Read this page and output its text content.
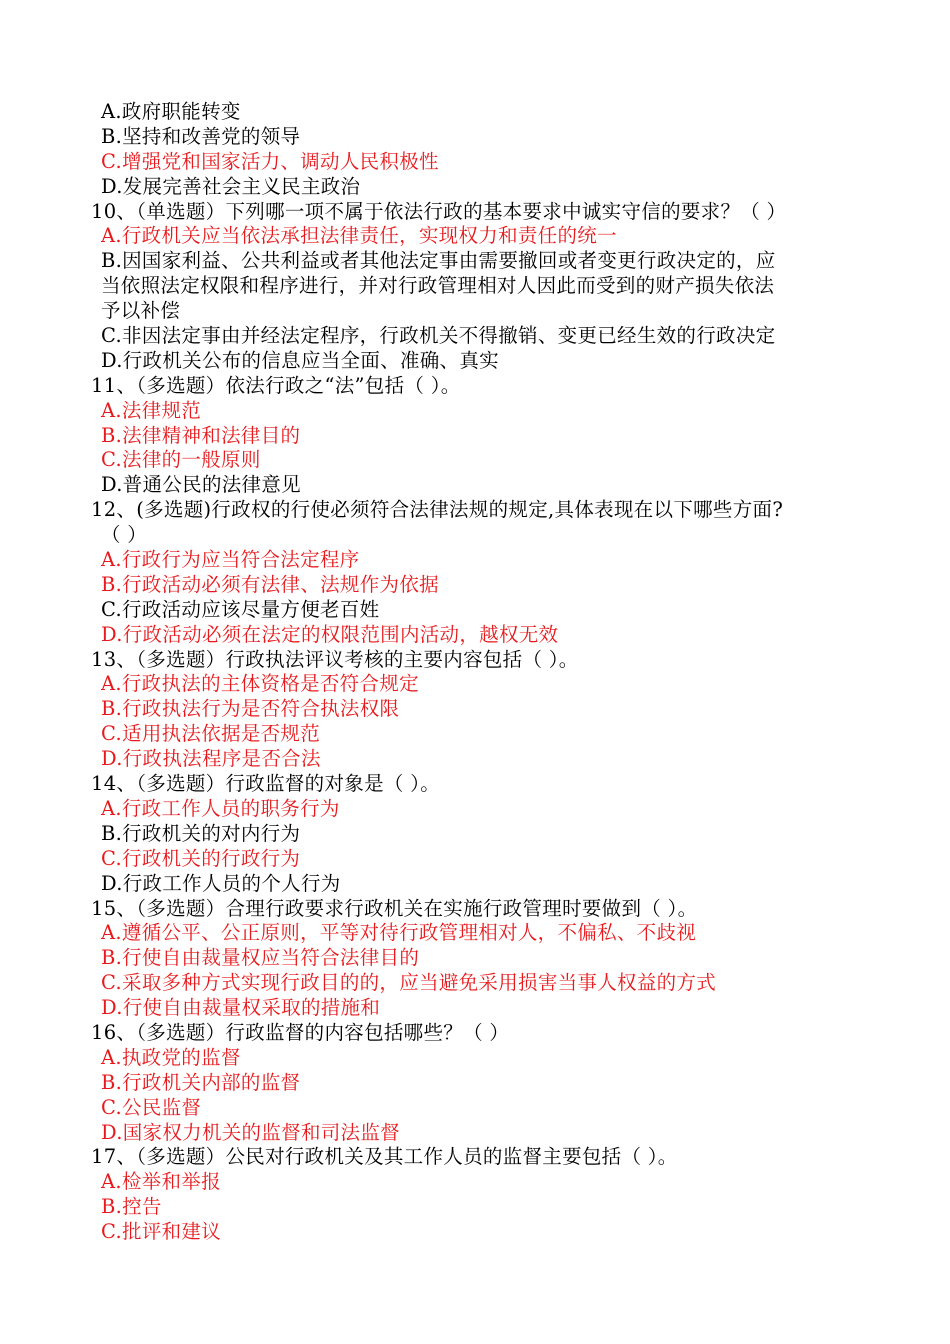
A.政府职能转变
B.坚持和改善党的领导
C.增强党和国家活力、调动人民积极性
D.发展完善社会主义民主政治
10、（单选题）下列哪一项不属于依法行政的基本要求中诚实守信的要求？（ ）
A.行政机关应当依法承担法律责任，实现权力和责任的统一
B.因国家利益、公共利益或者其他法定事由需要撤回或者变更行政决定的，应
当依照法定权限和程序进行，并对行政管理相对人因此而受到的财产损失依法
予以补偿
C.非因法定事由并经法定程序，行政机关不得撤销、变更已经生效的行政决定
D.行政机关公布的信息应当全面、准确、真实
11、（多选题）依法行政之“法”包括（ ）。
A.法律规范
B.法律精神和法律目的
C.法律的一般原则
D.普通公民的法律意见
12、(多选题)行政权的行使必须符合法律法规的规定,具体表现在以下哪些方面?
（ ）
A.行政行为应当符合法定程序
B.行政活动必须有法律、法规作为依据
C.行政活动应该尽量方便老百姓
D.行政活动必须在法定的权限范围内活动，越权无效
13、（多选题）行政执法评议考核的主要内容包括（ ）。
A.行政执法的主体资格是否符合规定
B.行政执法行为是否符合执法权限
C.适用执法依据是否规范
D.行政执法程序是否合法
14、（多选题）行政监督的对象是（ ）。
A.行政工作人员的职务行为
B.行政机关的对内行为
C.行政机关的行政行为
D.行政工作人员的个人行为
15、（多选题）合理行政要求行政机关在实施行政管理时要做到（ ）。
A.遵循公平、公正原则，平等对待行政管理相对人，不偏私、不歧视
B.行使自由裁量权应当符合法律目的
C.采取多种方式实现行政目的的，应当避免采用损害当事人权益的方式
D.行使自由裁量权采取的措施和
16、（多选题）行政监督的内容包括哪些？（ ）
A.执政党的监督
B.行政机关内部的监督
C.公民监督
D.国家权力机关的监督和司法监督
17、（多选题）公民对行政机关及其工作人员的监督主要包括（ ）。
A.检举和举报
B.控告
C.批评和建议
